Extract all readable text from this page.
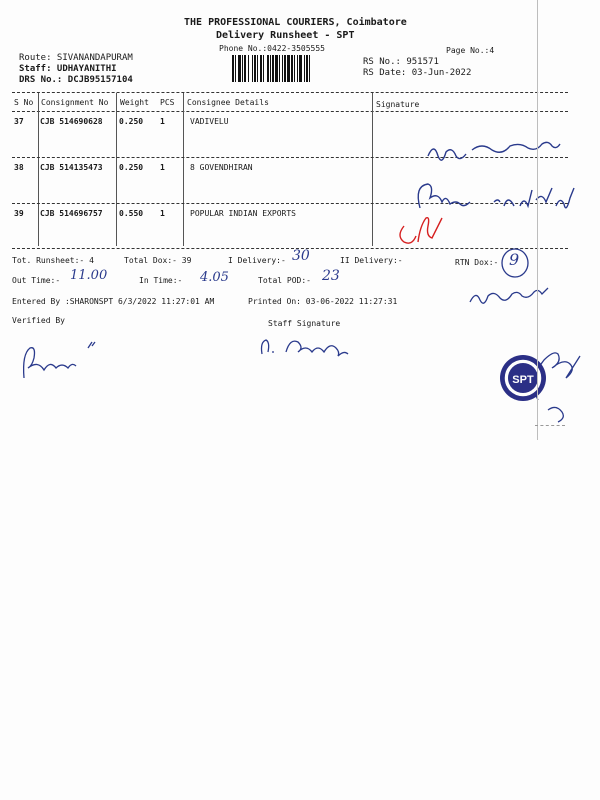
THE PROFESSIONAL COURIERS, Coimbatore
Delivery Runsheet - SPT
Phone No.:0422-3505555	Page No.:4
Route: SIVANANDAPURAM
Staff: UDHAYANITHI
DRS No.: DCJB95157104
RS No.: 951571
RS Date: 03-Jun-2022
S No Consignment No Weight PCS Consignee Details	Signature
37 CJB 514690628 0.250 1	VADIVELU
38 CJB 514135473 0.250 1	8 GOVENDHIRAN
39 CJB 514696757 0.550 1	POPULAR INDIAN EXPORTS
Tot. Runsheet:- 4	Total Dox:- 39	I Delivery:- 30	II Delivery:-	RTN Dox:- 9
Out Time:- 11.00	In Time:- 4.05	Total POD:- 23
Entered By :SHARONSPT 6/3/2022 11:27:01 AM	Printed On: 03-06-2022 11:27:31
Verified By	Staff Signature
SPT
